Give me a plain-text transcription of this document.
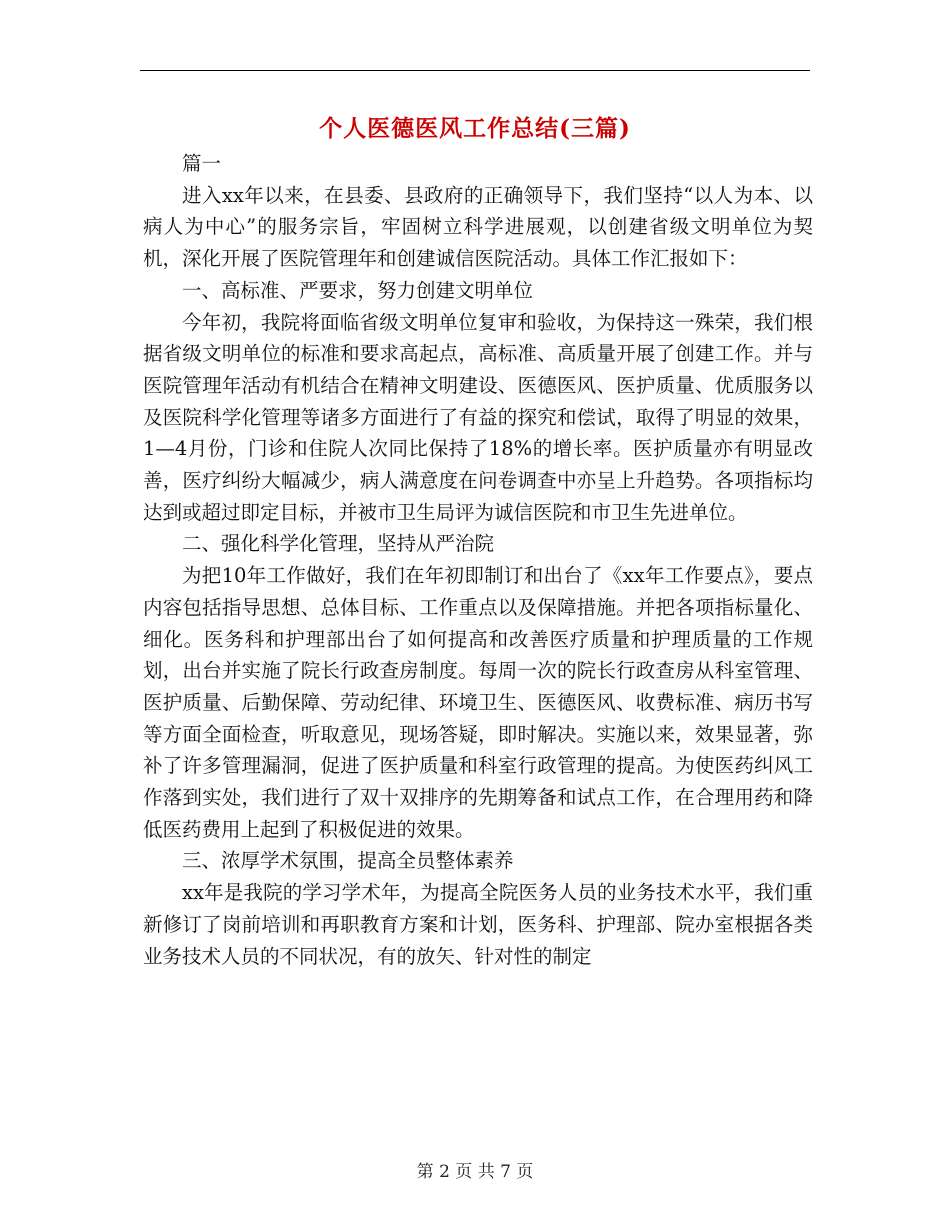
个人医德医风工作总结(三篇)

篇一

进入xx年以来，在县委、县政府的正确领导下，我们坚持“以人为本、以病人为中心”的服务宗旨，牢固树立科学进展观，以创建省级文明单位为契机，深化开展了医院管理年和创建诚信医院活动。具体工作汇报如下：

一、高标准、严要求，努力创建文明单位

今年初，我院将面临省级文明单位复审和验收，为保持这一殊荣，我们根据省级文明单位的标准和要求高起点，高标准、高质量开展了创建工作。并与医院管理年活动有机结合在精神文明建设、医德医风、医护质量、优质服务以及医院科学化管理等诸多方面进行了有益的探究和偿试，取得了明显的效果，1—4月份，门诊和住院人次同比保持了18%的增长率。医护质量亦有明显改善，医疗纠纷大幅减少，病人满意度在问卷调查中亦呈上升趋势。各项指标均达到或超过即定目标，并被市卫生局评为诚信医院和市卫生先进单位。

二、强化科学化管理，坚持从严治院

为把10年工作做好，我们在年初即制订和出台了《xx年工作要点》，要点内容包括指导思想、总体目标、工作重点以及保障措施。并把各项指标量化、细化。医务科和护理部出台了如何提高和改善医疗质量和护理质量的工作规划，出台并实施了院长行政查房制度。每周一次的院长行政查房从科室管理、医护质量、后勤保障、劳动纪律、环境卫生、医德医风、收费标准、病历书写等方面全面检查，听取意见，现场答疑，即时解决。实施以来，效果显著，弥补了许多管理漏洞，促进了医护质量和科室行政管理的提高。为使医药纠风工作落到实处，我们进行了双十双排序的先期筹备和试点工作，在合理用药和降低医药费用上起到了积极促进的效果。

三、浓厚学术氛围，提高全员整体素养

xx年是我院的学习学术年，为提高全院医务人员的业务技术水平，我们重新修订了岗前培训和再职教育方案和计划，医务科、护理部、院办室根据各类业务技术人员的不同状况，有的放矢、针对性的制定

第 2 页 共 7 页
